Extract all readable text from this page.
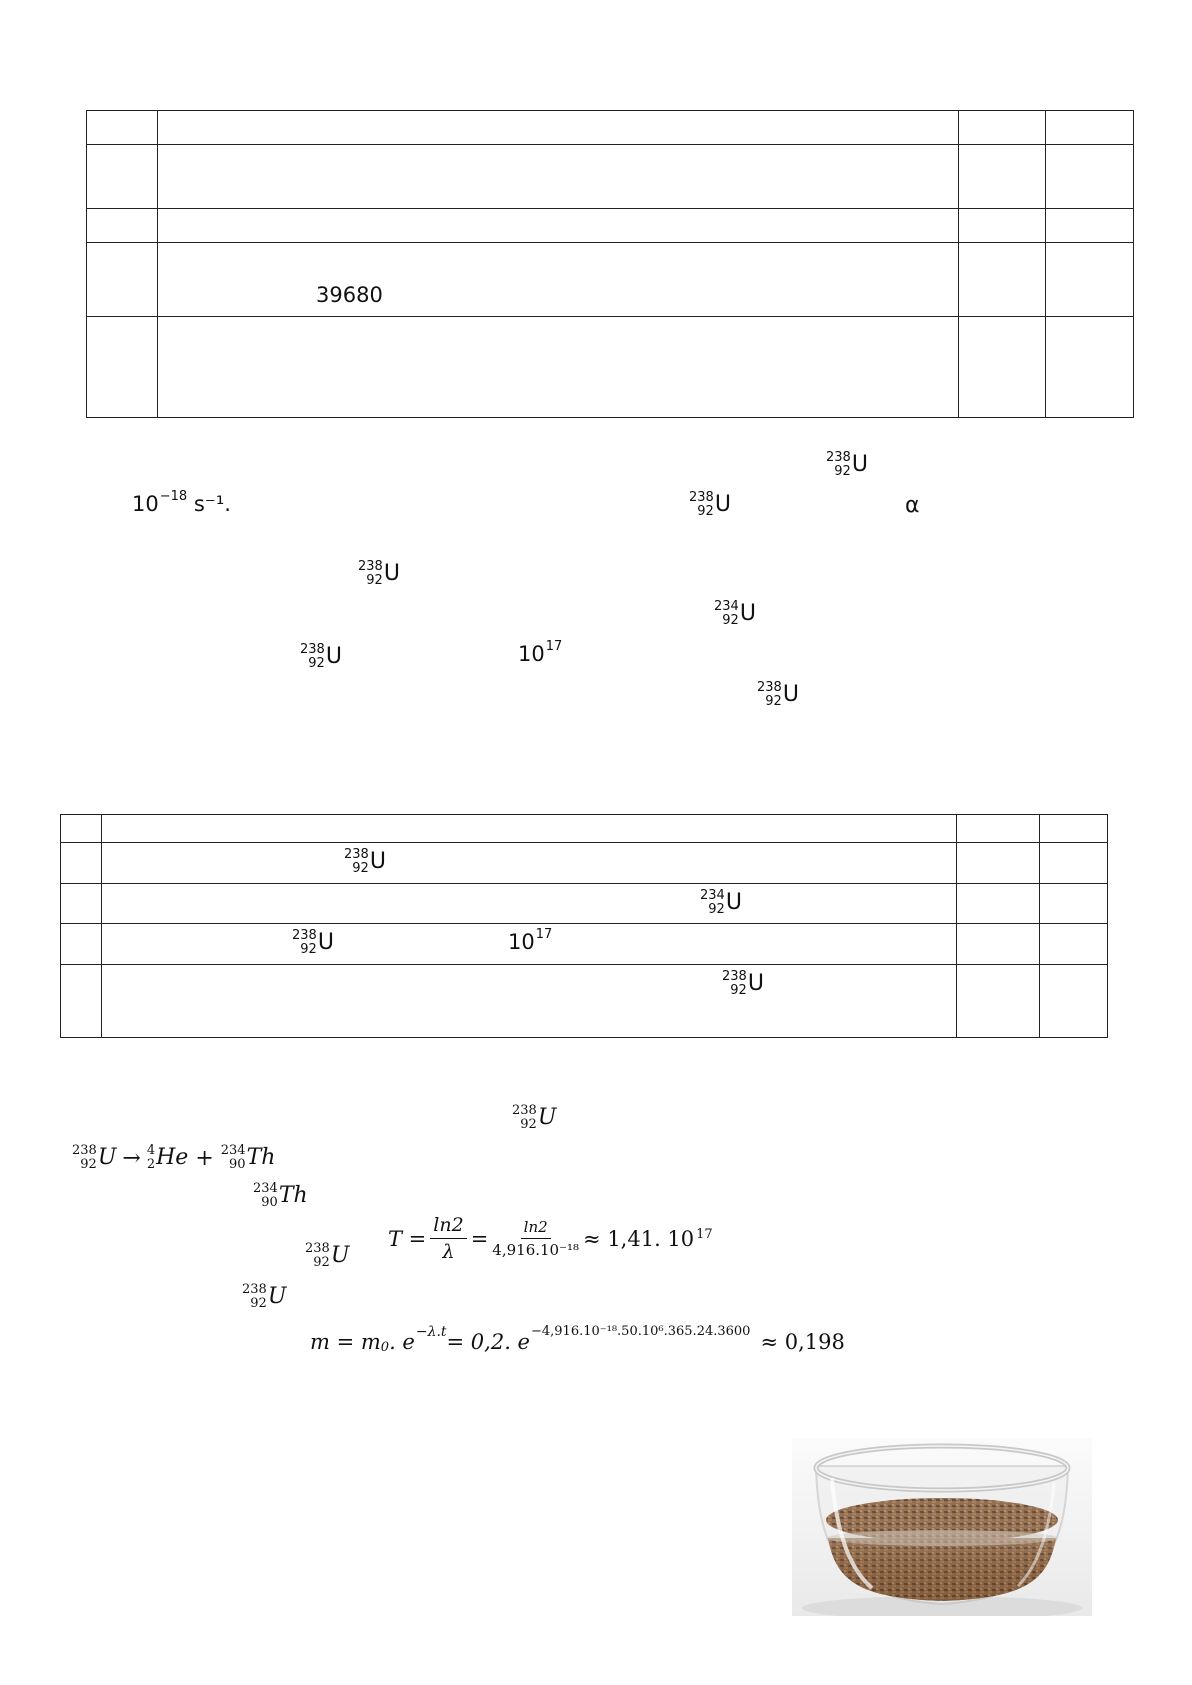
	39680		

238
92 U
$10^{-18}$ s⁻¹.	238
92 U	α
238
92 U
234
92 U
238
92 U	$10^{17}$
238
92 U

	238
92 U		

	234
92 U		

	238
92 U $10^{17}$

	238
92 U		

238
92 U
238
92 U → 4
2 He + 234
90 Th
234
90 Th
238
92 U
$T = \frac{\ln 2}{\lambda} = \frac{\ln 2}{\text{4,916.10⁻¹⁸}} \approx 1,41$. $10^{17}$
238
92 U
$m = m_0$ . $e^{-\lambda.t} = 0,2$. $e^{-4,916.10^{-18}.50.10^6.365.24.3600} \approx 0,198$
